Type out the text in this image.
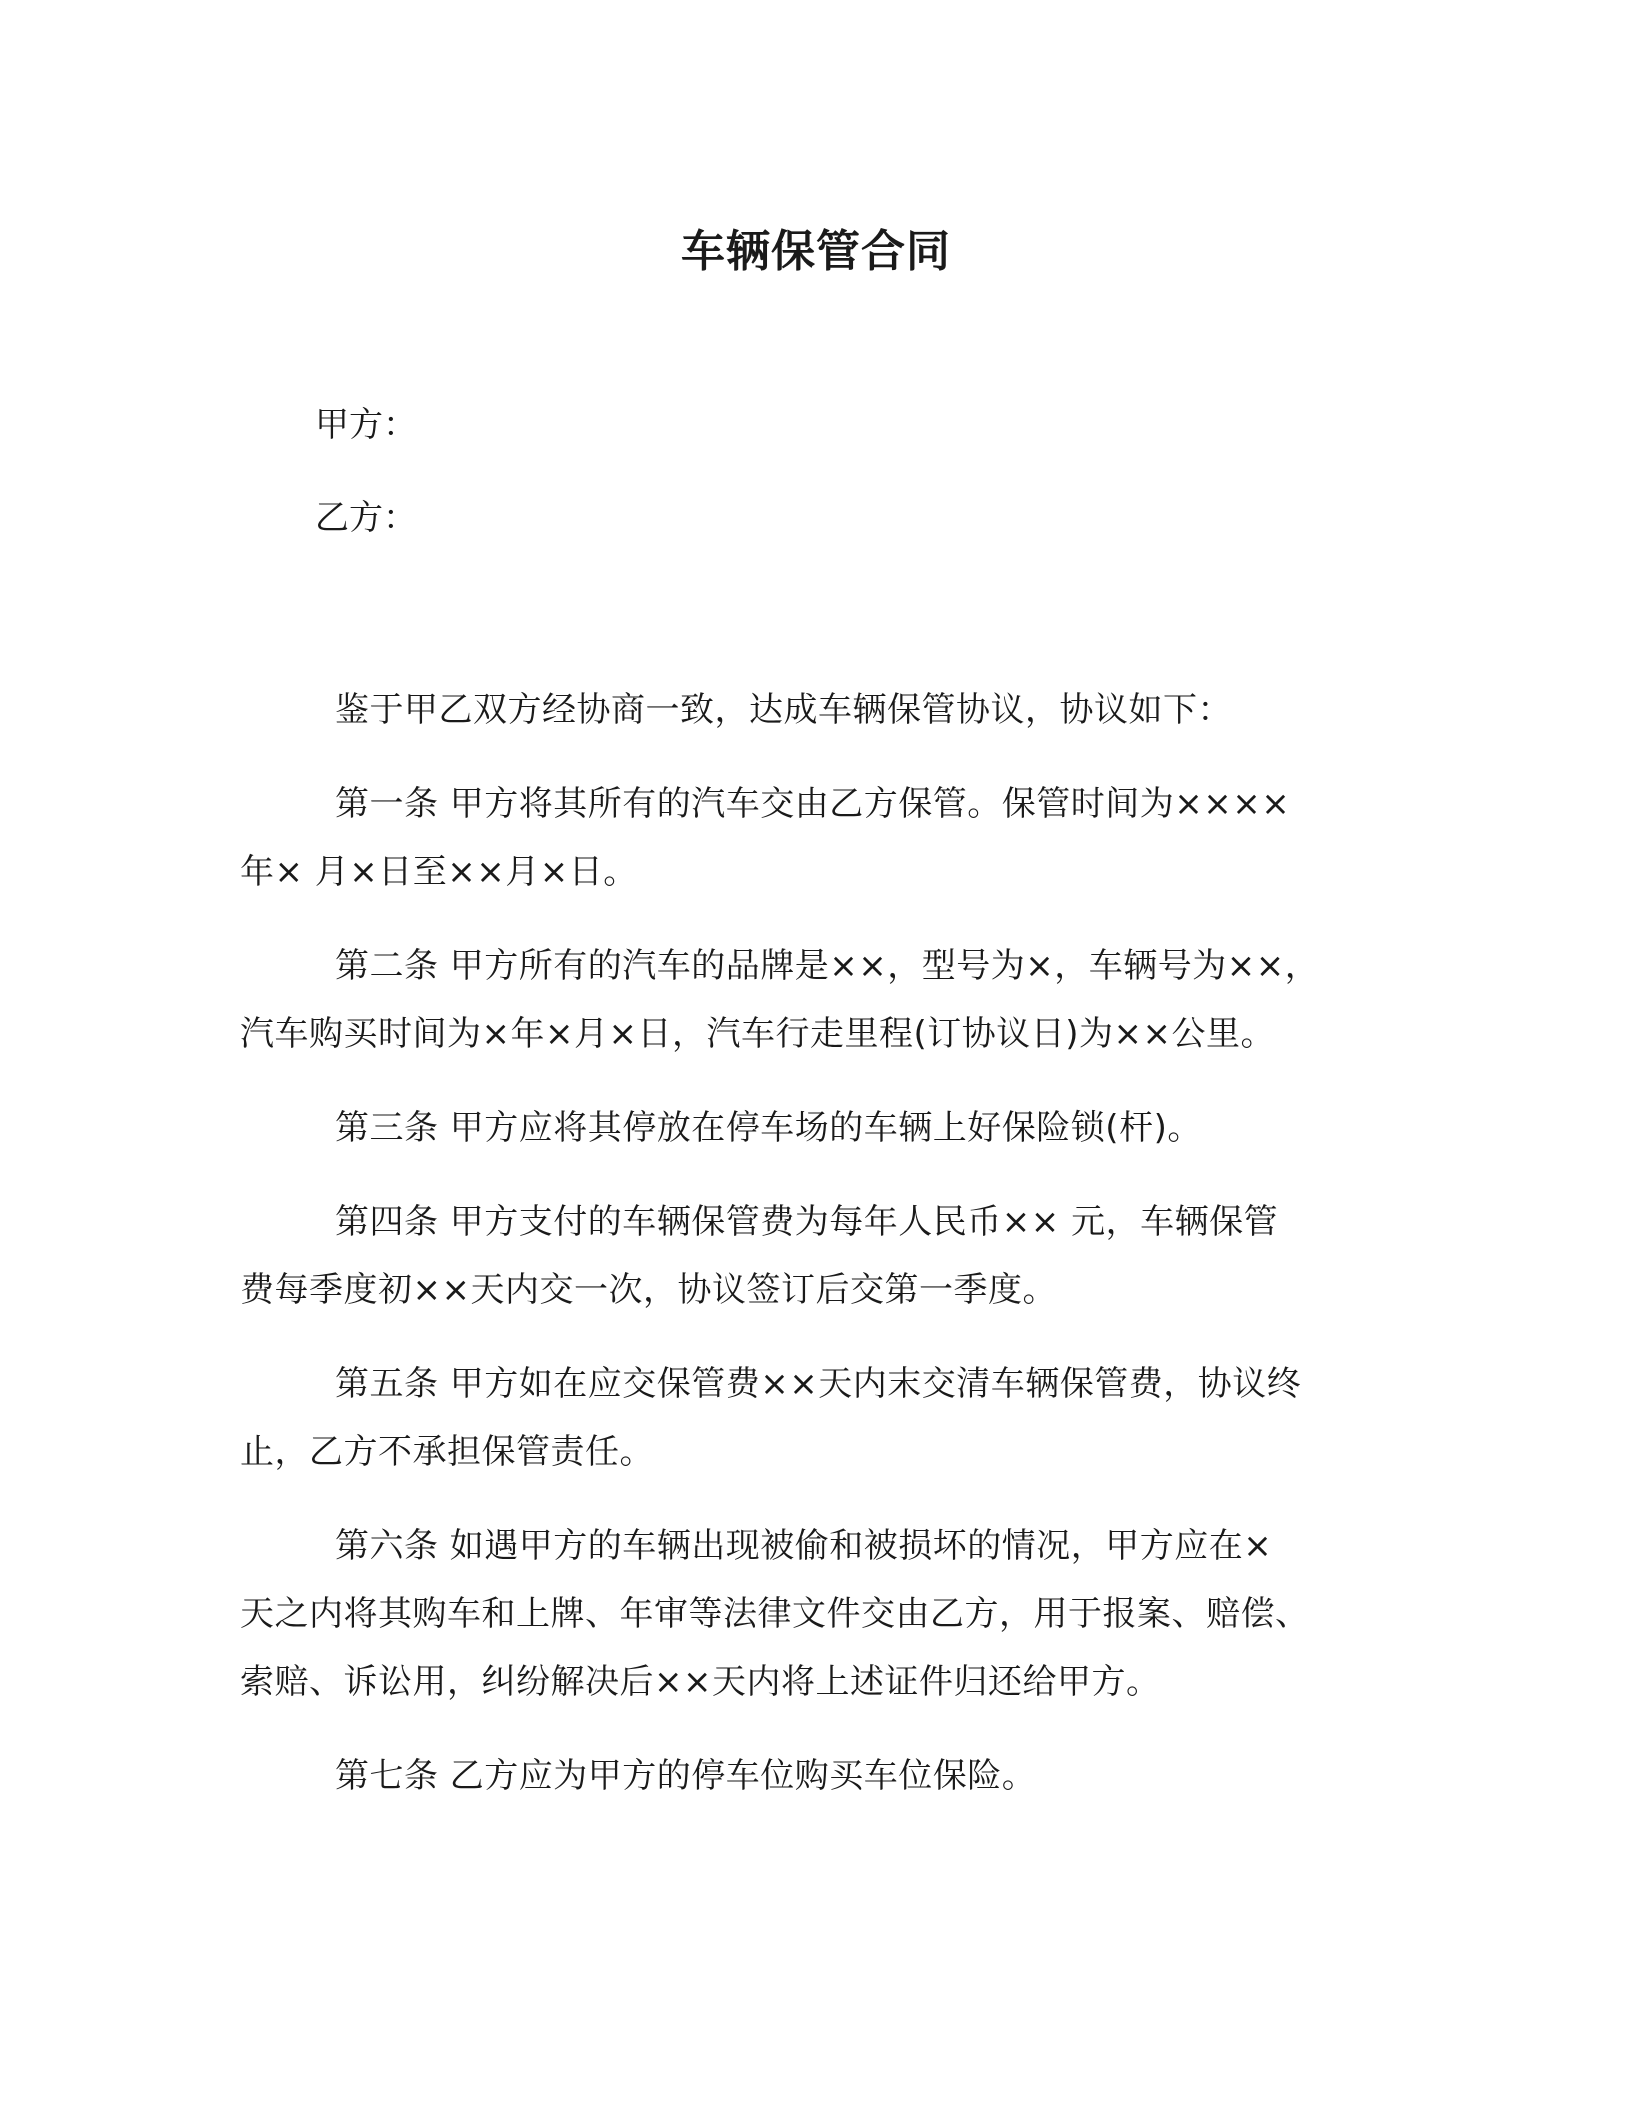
车辆保管合同
甲方：
乙方：
鉴于甲乙双方经协商一致，达成车辆保管协议，协议如下：
第一条 甲方将其所有的汽车交由乙方保管。保管时间为××××
年× 月×日至××月×日。
第二条 甲方所有的汽车的品牌是××，型号为×，车辆号为××，
汽车购买时间为×年×月×日，汽车行走里程(订协议日)为××公里。
第三条 甲方应将其停放在停车场的车辆上好保险锁(杆)。
第四条 甲方支付的车辆保管费为每年人民币×× 元，车辆保管
费每季度初××天内交一次，协议签订后交第一季度。
第五条 甲方如在应交保管费××天内末交清车辆保管费，协议终
止，乙方不承担保管责任。
第六条 如遇甲方的车辆出现被偷和被损坏的情况，甲方应在×
天之内将其购车和上牌、年审等法律文件交由乙方，用于报案、赔偿、
索赔、诉讼用，纠纷解决后××天内将上述证件归还给甲方。
第七条 乙方应为甲方的停车位购买车位保险。
